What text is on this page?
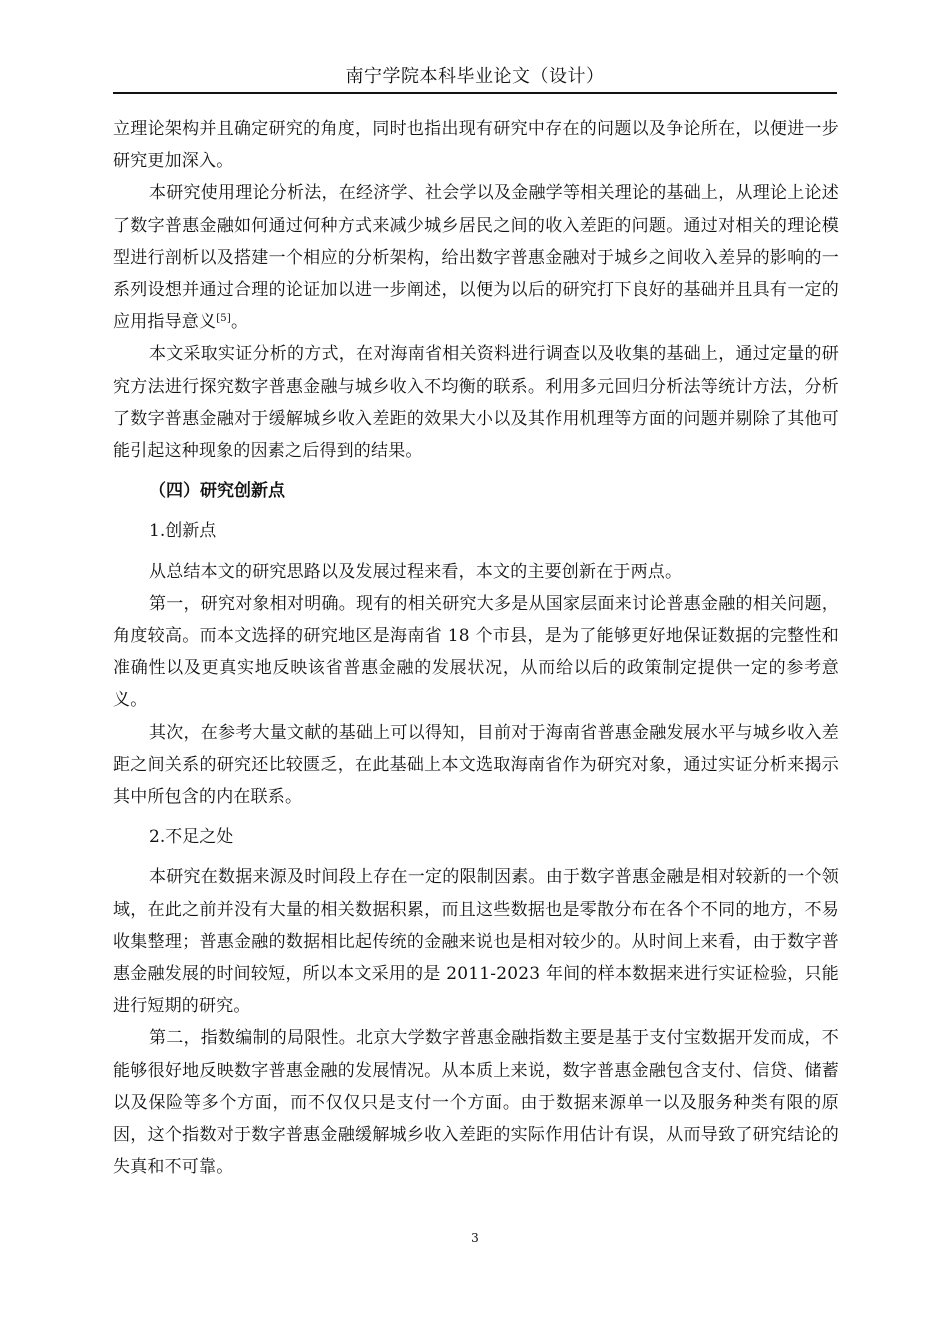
南宁学院本科毕业论文（设计）

立理论架构并且确定研究的角度，同时也指出现有研究中存在的问题以及争论所在，以便进一步研究更加深入。

本研究使用理论分析法，在经济学、社会学以及金融学等相关理论的基础上，从理论上论述了数字普惠金融如何通过何种方式来减少城乡居民之间的收入差距的问题。通过对相关的理论模型进行剖析以及搭建一个相应的分析架构，给出数字普惠金融对于城乡之间收入差异的影响的一系列设想并通过合理的论证加以进一步阐述，以便为以后的研究打下良好的基础并且具有一定的应用指导意义[5]。

本文采取实证分析的方式，在对海南省相关资料进行调查以及收集的基础上，通过定量的研究方法进行探究数字普惠金融与城乡收入不均衡的联系。利用多元回归分析法等统计方法，分析了数字普惠金融对于缓解城乡收入差距的效果大小以及其作用机理等方面的问题并剔除了其他可能引起这种现象的因素之后得到的结果。

（四）研究创新点
1.创新点

从总结本文的研究思路以及发展过程来看，本文的主要创新在于两点。

第一，研究对象相对明确。现有的相关研究大多是从国家层面来讨论普惠金融的相关问题，角度较高。而本文选择的研究地区是海南省 18 个市县，是为了能够更好地保证数据的完整性和准确性以及更真实地反映该省普惠金融的发展状况，从而给以后的政策制定提供一定的参考意义。

其次，在参考大量文献的基础上可以得知，目前对于海南省普惠金融发展水平与城乡收入差距之间关系的研究还比较匮乏，在此基础上本文选取海南省作为研究对象，通过实证分析来揭示其中所包含的内在联系。

2.不足之处

本研究在数据来源及时间段上存在一定的限制因素。由于数字普惠金融是相对较新的一个领域，在此之前并没有大量的相关数据积累，而且这些数据也是零散分布在各个不同的地方，不易收集整理；普惠金融的数据相比起传统的金融来说也是相对较少的。从时间上来看，由于数字普惠金融发展的时间较短，所以本文采用的是 2011-2023 年间的样本数据来进行实证检验，只能进行短期的研究。

第二，指数编制的局限性。北京大学数字普惠金融指数主要是基于支付宝数据开发而成，不能够很好地反映数字普惠金融的发展情况。从本质上来说，数字普惠金融包含支付、信贷、储蓄以及保险等多个方面，而不仅仅只是支付一个方面。由于数据来源单一以及服务种类有限的原因，这个指数对于数字普惠金融缓解城乡收入差距的实际作用估计有误，从而导致了研究结论的失真和不可靠。

3
